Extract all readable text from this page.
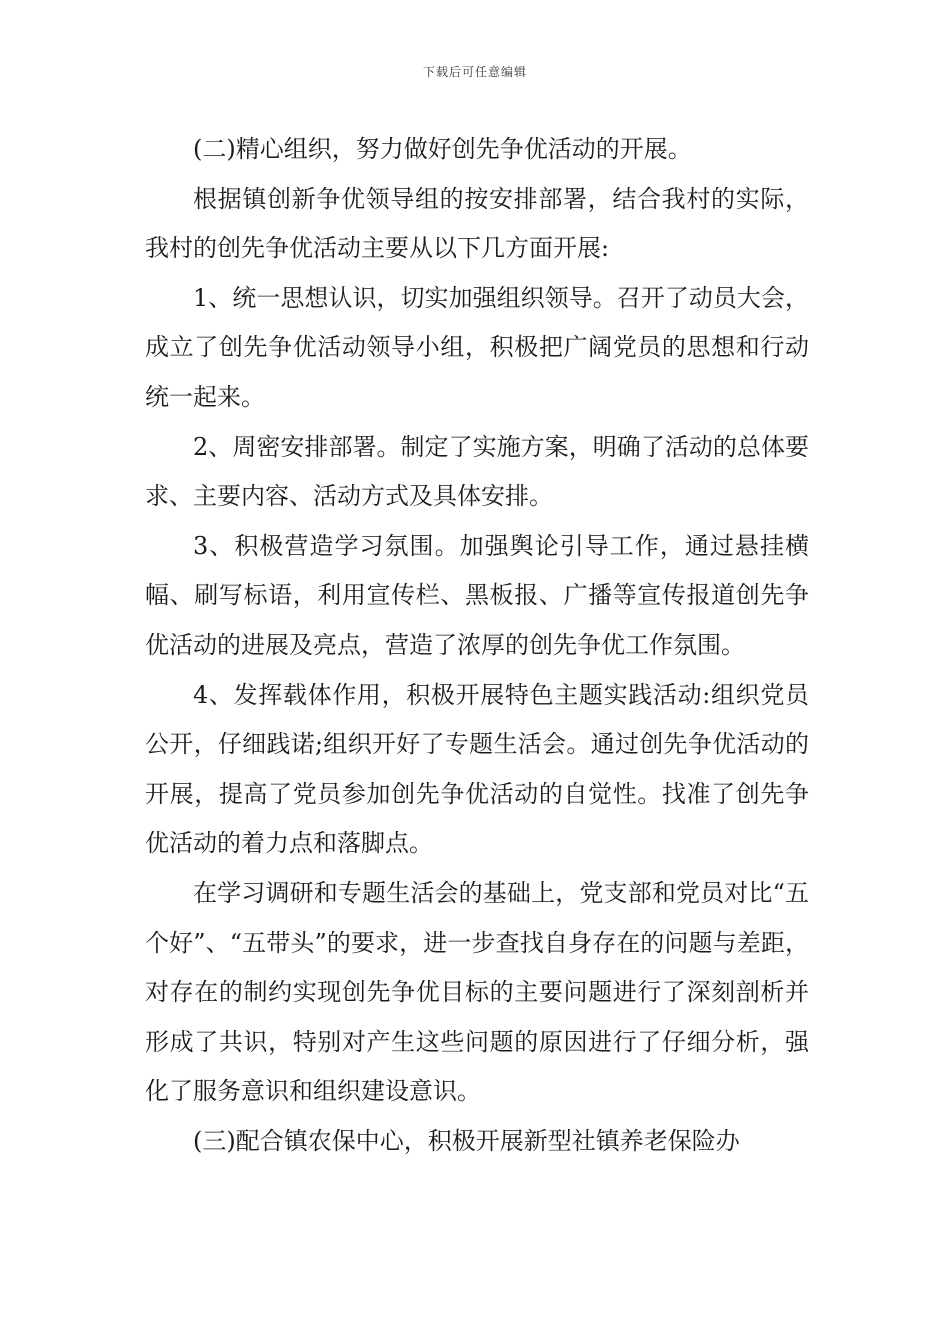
下载后可任意编辑

(二)精心组织，努力做好创先争优活动的开展。

根据镇创新争优领导组的按安排部署，结合我村的实际，我村的创先争优活动主要从以下几方面开展:

1、统一思想认识，切实加强组织领导。召开了动员大会，成立了创先争优活动领导小组，积极把广阔党员的思想和行动统一起来。

2、周密安排部署。制定了实施方案，明确了活动的总体要求、主要内容、活动方式及具体安排。

3、积极营造学习氛围。加强舆论引导工作，通过悬挂横幅、刷写标语，利用宣传栏、黑板报、广播等宣传报道创先争优活动的进展及亮点，营造了浓厚的创先争优工作氛围。

4、发挥载体作用，积极开展特色主题实践活动:组织党员公开，仔细践诺;组织开好了专题生活会。通过创先争优活动的开展，提高了党员参加创先争优活动的自觉性。找准了创先争优活动的着力点和落脚点。

在学习调研和专题生活会的基础上，党支部和党员对比“五个好”、“五带头”的要求，进一步查找自身存在的问题与差距，对存在的制约实现创先争优目标的主要问题进行了深刻剖析并形成了共识，特别对产生这些问题的原因进行了仔细分析，强化了服务意识和组织建设意识。

(三)配合镇农保中心，积极开展新型社镇养老保险办
